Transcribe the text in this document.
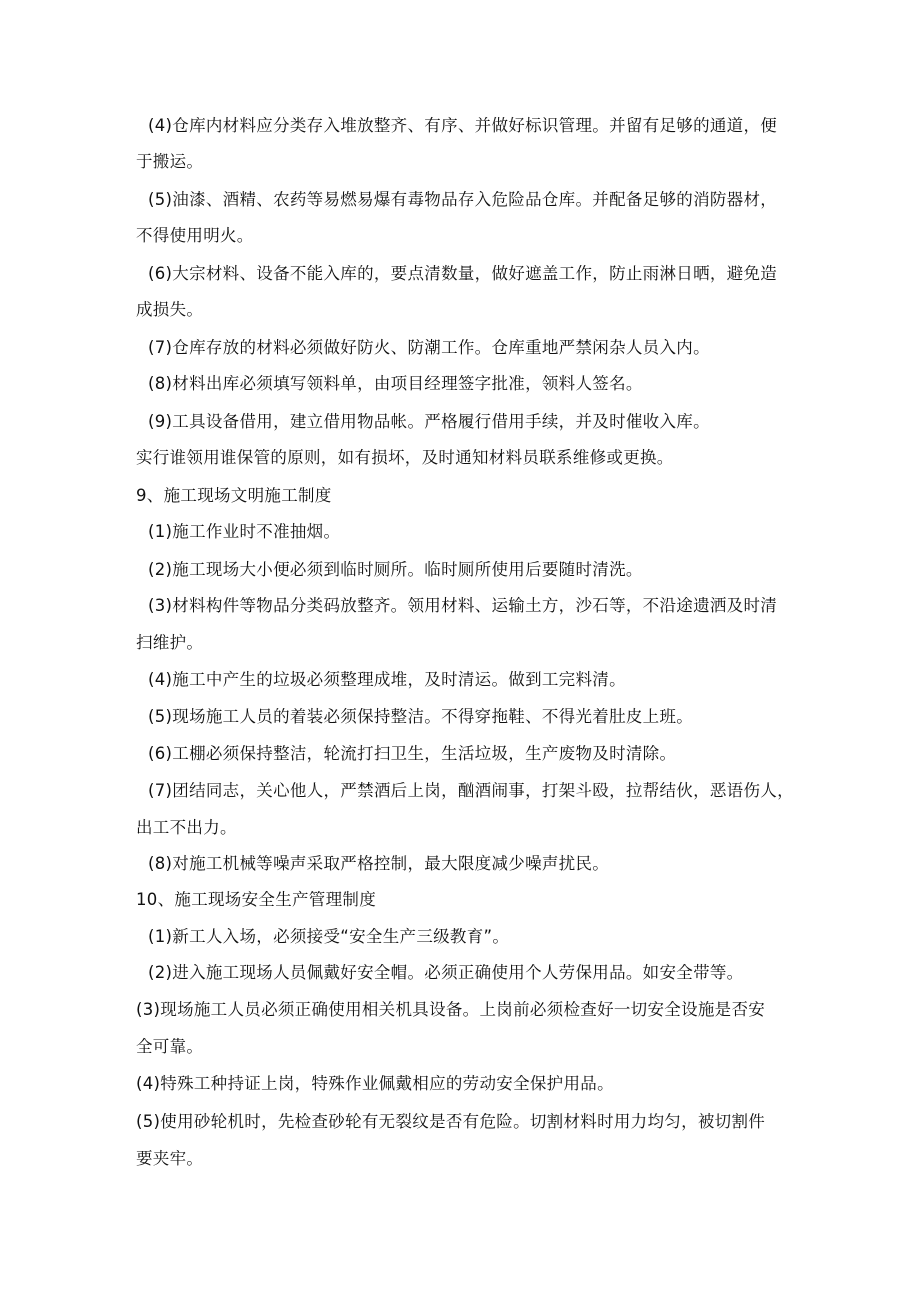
(4)仓库内材料应分类存入堆放整齐、有序、并做好标识管理。并留有足够的通道，便
于搬运。
(5)油漆、酒精、农药等易燃易爆有毒物品存入危险品仓库。并配备足够的消防器材，
不得使用明火。
(6)大宗材料、设备不能入库的，要点清数量，做好遮盖工作，防止雨淋日晒，避免造
成损失。
(7)仓库存放的材料必须做好防火、防潮工作。仓库重地严禁闲杂人员入内。
(8)材料出库必须填写领料单，由项目经理签字批准，领料人签名。
(9)工具设备借用，建立借用物品帐。严格履行借用手续，并及时催收入库。
实行谁领用谁保管的原则，如有损坏，及时通知材料员联系维修或更换。
9、施工现场文明施工制度
(1)施工作业时不准抽烟。
(2)施工现场大小便必须到临时厕所。临时厕所使用后要随时清洗。
(3)材料构件等物品分类码放整齐。领用材料、运输土方，沙石等，不沿途遗洒及时清
扫维护。
(4)施工中产生的垃圾必须整理成堆，及时清运。做到工完料清。
(5)现场施工人员的着装必须保持整洁。不得穿拖鞋、不得光着肚皮上班。
(6)工棚必须保持整洁，轮流打扫卫生，生活垃圾，生产废物及时清除。
(7)团结同志，关心他人，严禁酒后上岗，酗酒闹事，打架斗殴，拉帮结伙，恶语伤人，
出工不出力。
(8)对施工机械等噪声采取严格控制，最大限度减少噪声扰民。
10、施工现场安全生产管理制度
(1)新工人入场，必须接受“安全生产三级教育”。
(2)进入施工现场人员佩戴好安全帽。必须正确使用个人劳保用品。如安全带等。
(3)现场施工人员必须正确使用相关机具设备。上岗前必须检查好一切安全设施是否安
全可靠。
(4)特殊工种持证上岗，特殊作业佩戴相应的劳动安全保护用品。
(5)使用砂轮机时，先检查砂轮有无裂纹是否有危险。切割材料时用力均匀，被切割件
要夹牢。
